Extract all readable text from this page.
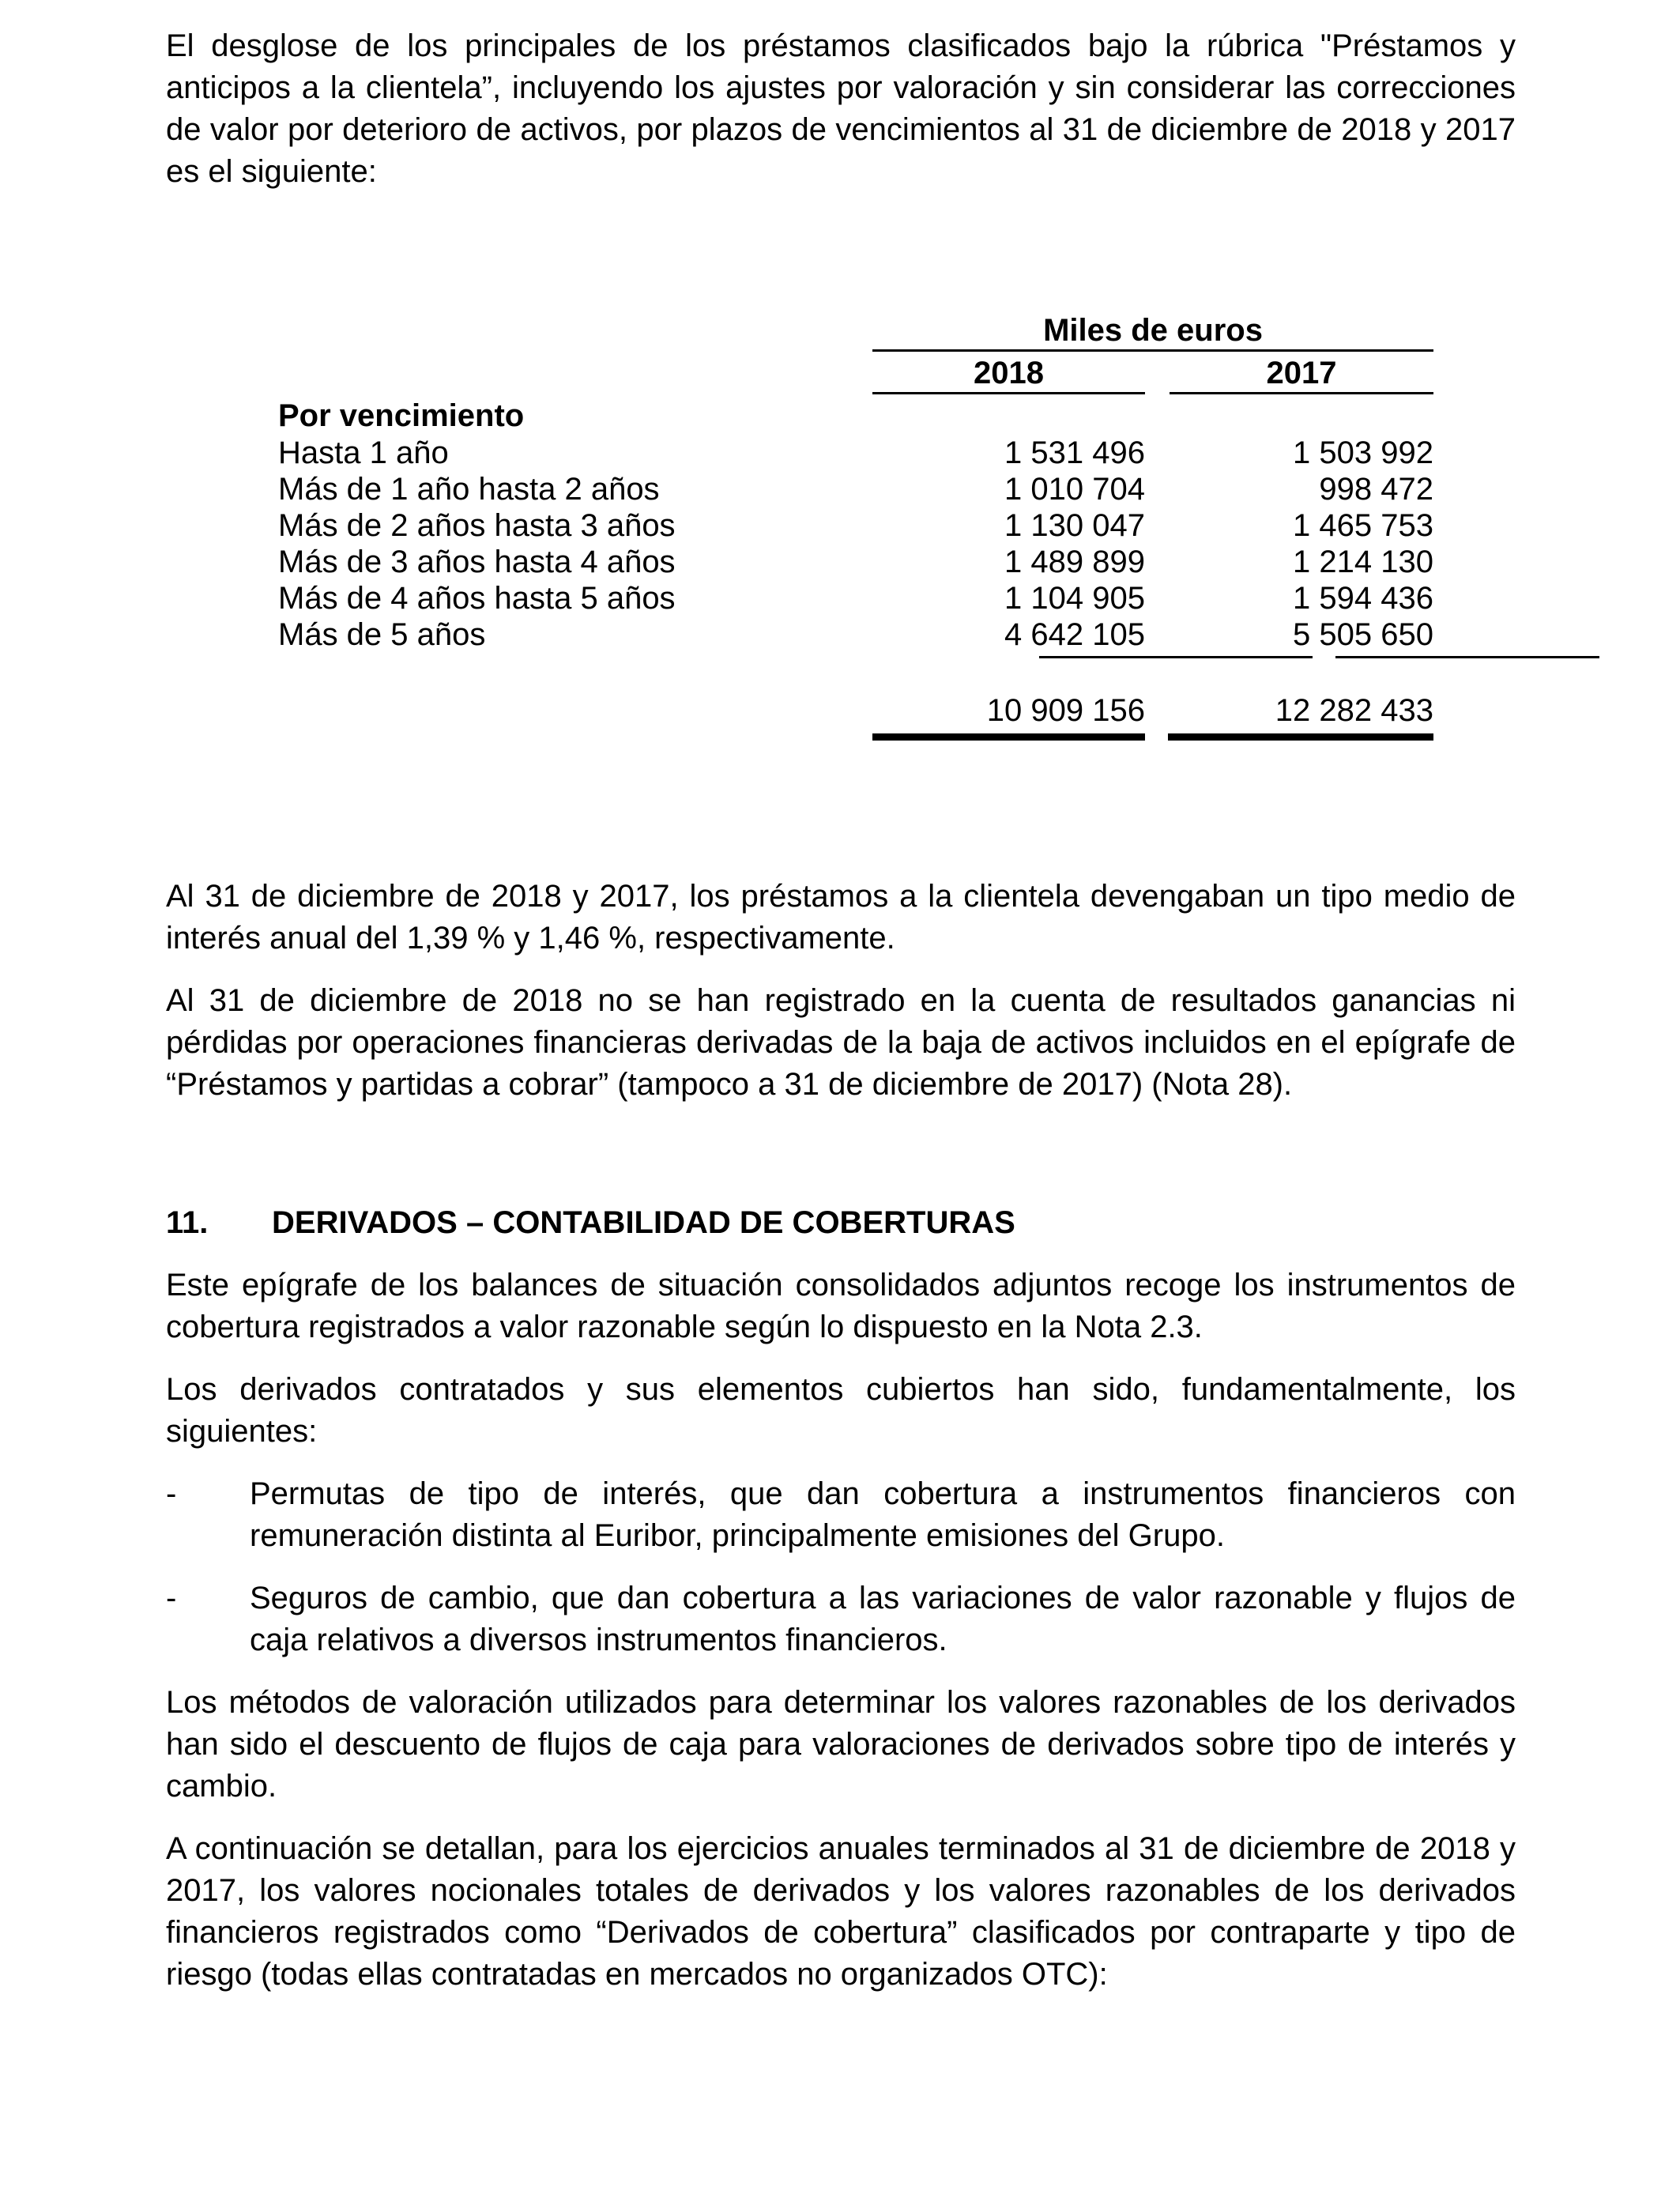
El desglose de los principales de los préstamos clasificados bajo la rúbrica "Préstamos y anticipos a la clientela”, incluyendo los ajustes por valoración y sin considerar las correcciones de valor por deterioro de activos, por plazos de vencimientos al 31 de diciembre de 2018 y 2017 es el siguiente:

Miles de euros
2018	2017
Por vencimiento
Hasta 1 año	1 531 496	1 503 992
Más de 1 año hasta 2 años	1 010 704	998 472
Más de 2 años hasta 3 años	1 130 047	1 465 753
Más de 3 años hasta 4 años	1 489 899	1 214 130
Más de 4 años hasta 5 años	1 104 905	1 594 436
Más de 5 años	4 642 105	5 505 650
10 909 156	12 282 433

Al 31 de diciembre de 2018 y 2017, los préstamos a la clientela devengaban un tipo medio de interés anual del 1,39 % y 1,46 %, respectivamente.

Al 31 de diciembre de 2018 no se han registrado en la cuenta de resultados ganancias ni pérdidas por operaciones financieras derivadas de la baja de activos incluidos en el epígrafe de “Préstamos y partidas a cobrar” (tampoco a 31 de diciembre de 2017) (Nota 28).

11.	DERIVADOS – CONTABILIDAD DE COBERTURAS

Este epígrafe de los balances de situación consolidados adjuntos recoge los instrumentos de cobertura registrados a valor razonable según lo dispuesto en la Nota 2.3.

Los derivados contratados y sus elementos cubiertos han sido, fundamentalmente, los siguientes:

-	Permutas de tipo de interés, que dan cobertura a instrumentos financieros con remuneración distinta al Euribor, principalmente emisiones del Grupo.
-	Seguros de cambio, que dan cobertura a las variaciones de valor razonable y flujos de caja relativos a diversos instrumentos financieros.

Los métodos de valoración utilizados para determinar los valores razonables de los derivados han sido el descuento de flujos de caja para valoraciones de derivados sobre tipo de interés y cambio.

A continuación se detallan, para los ejercicios anuales terminados al 31 de diciembre de 2018 y 2017, los valores nocionales totales de derivados y los valores razonables de los derivados financieros registrados como “Derivados de cobertura” clasificados por contraparte y tipo de riesgo (todas ellas contratadas en mercados no organizados OTC):
